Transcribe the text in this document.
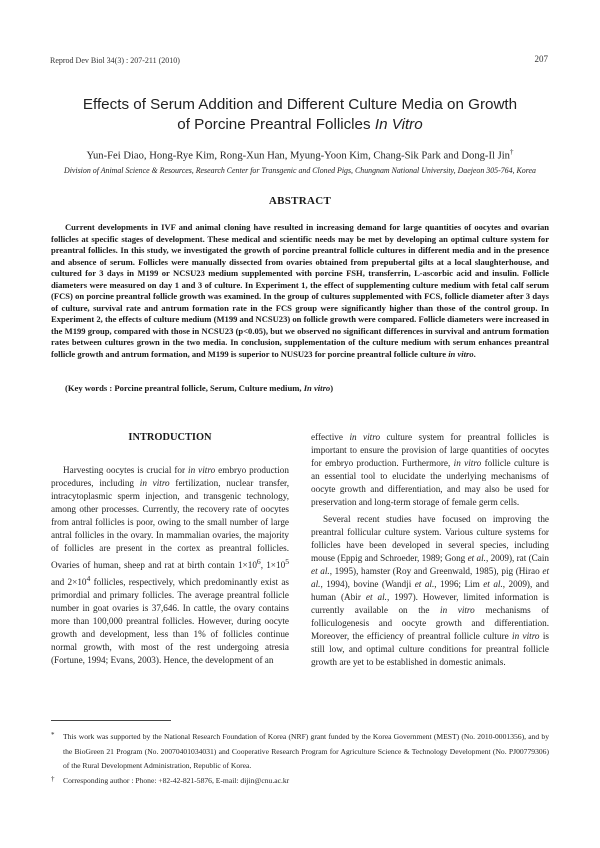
Reprod Dev Biol 34(3) : 207-211 (2010)	207
Effects of Serum Addition and Different Culture Media on Growth
of Porcine Preantral Follicles In Vitro
Yun-Fei Diao, Hong-Rye Kim, Rong-Xun Han, Myung-Yoon Kim, Chang-Sik Park and Dong-Il Jin†
Division of Animal Science & Resources, Research Center for Transgenic and Cloned Pigs, Chungnam National University, Daejeon 305-764, Korea
ABSTRACT
Current developments in IVF and animal cloning have resulted in increasing demand for large quantities of oocytes and ovarian follicles at specific stages of development. These medical and scientific needs may be met by developing an optimal culture system for preantral follicles. In this study, we investigated the growth of porcine preantral follicle cultures in different media and in the presence and absence of serum. Follicles were manually dissected from ovaries obtained from prepubertal gilts at a local slaughterhouse, and cultured for 3 days in M199 or NCSU23 medium supplemented with porcine FSH, transferrin, L-ascorbic acid and insulin. Follicle diameters were measured on day 1 and 3 of culture. In Experiment 1, the effect of supplementing culture medium with fetal calf serum (FCS) on porcine preantral follicle growth was examined. In the group of cultures supplemented with FCS, follicle diameter after 3 days of culture, survival rate and antrum formation rate in the FCS group were significantly higher than those of the control group. In Experiment 2, the effects of culture medium (M199 and NCSU23) on follicle growth were compared. Follicle diameters were increased in the M199 group, compared with those in NCSU23 (p<0.05), but we observed no significant differences in survival and antrum formation rates between cultures grown in the two media. In conclusion, supplementation of the culture medium with serum enhances preantral follicle growth and antrum formation, and M199 is superior to NUSU23 for porcine preantral follicle culture in vitro.
(Key words : Porcine preantral follicle, Serum, Culture medium, In vitro)
INTRODUCTION

Harvesting oocytes is crucial for in vitro embryo production procedures, including in vitro fertilization, nuclear transfer, intracytoplasmic sperm injection, and transgenic technology, among other processes. Currently, the recovery rate of oocytes from antral follicles is poor, owing to the small number of large antral follicles in the ovary. In mammalian ovaries, the majority of follicles are present in the cortex as preantral follicles. Ovaries of human, sheep and rat at birth contain $1\times 10^6$, $1\times 10^5$ and $2\times 10^4$ follicles, respectively, which predominantly exist as primordial and primary follicles. The average preantral follicle number in goat ovaries is 37,646. In cattle, the ovary contains more than 100,000 preantral follicles. However, during oocyte growth and development, less than 1% of follicles continue normal growth, with most of the rest undergoing atresia (Fortune, 1994; Evans, 2003). Hence, the development of an

effective in vitro culture system for preantral follicles is important to ensure the provision of large quantities of oocytes for embryo production. Furthermore, in vitro follicle culture is an essential tool to elucidate the underlying mechanisms of oocyte growth and differentiation, and may also be used for preservation and long-term storage of female germ cells.

Several recent studies have focused on improving the preantral follicular culture system. Various culture systems for follicles have been developed in several species, including mouse (Eppig and Schroeder, 1989; Gong et al., 2009), rat (Cain et al., 1995), hamster (Roy and Greenwald, 1985), pig (Hirao et al., 1994), bovine (Wandji et al., 1996; Lim et al., 2009), and human (Abir et al., 1997). However, limited information is currently available on the in vitro mechanisms of folliculogenesis and oocyte growth and differentiation. Moreover, the efficiency of preantral follicle culture in vitro is still low, and optimal culture conditions for preantral follicle growth are yet to be established in domestic animals.

* This work was supported by the National Research Foundation of Korea (NRF) grant funded by the Korea Government (MEST) (No. 2010-0001356), and by the BioGreen 21 Program (No. 20070401034031) and Cooperative Research Program for Agriculture Science & Technology Development (No. PJ00779306) of the Rural Development Administration, Republic of Korea.
† Corresponding author : Phone: +82-42-821-5876, E-mail: dijin@cnu.ac.kr
